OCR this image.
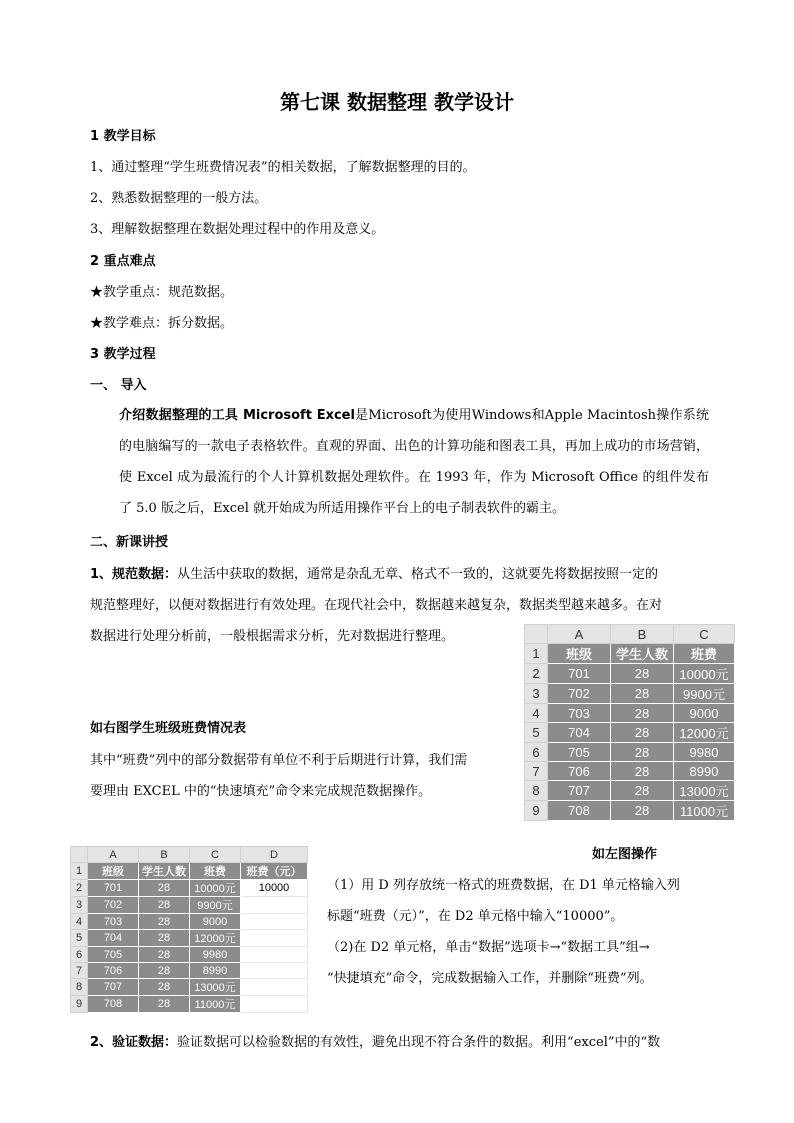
第七课 数据整理 教学设计
1 教学目标
1、通过整理“学生班费情况表”的相关数据，了解数据整理的目的。
2、熟悉数据整理的一般方法。
3、理解数据整理在数据处理过程中的作用及意义。
2 重点难点
★教学重点：规范数据。
★教学难点：拆分数据。
3 教学过程
一、 导入
介绍数据整理的工具 Microsoft Excel是Microsoft为使用Windows和Apple Macintosh操作系统的电脑编写的一款电子表格软件。直观的界面、出色的计算功能和图表工具，再加上成功的市场营销，使 Excel 成为最流行的个人计算机数据处理软件。在 1993 年，作为 Microsoft Office 的组件发布了 5.0 版之后，Excel 就开始成为所适用操作平台上的电子制表软件的霸主。
二、新课讲授
1、规范数据：从生活中获取的数据，通常是杂乱无章、格式不一致的，这就要先将数据按照一定的
规范整理好，以便对数据进行有效处理。在现代社会中，数据越来越复杂，数据类型越来越多。在对
数据进行处理分析前，一般根据需求分析，先对数据进行整理。
		A	B	C
1	班级	学生人数	班费
2	701	28	10000元
3	702	28	9900元
4	703	28	9000
5	704	28	12000元
6	705	28	9980
7	706	28	8990
8	707	28	13000元
9	708	28	11000元
如右图学生班级班费情况表
其中“班费”列中的部分数据带有单位不利于后期进行计算，我们需
要理由 EXCEL 中的“快速填充”命令来完成规范数据操作。
	A	B	C	D
1	班级	学生人数	班费	班费（元）
2	701	28	10000元	10000
3	702	28	9900元	
4	703	28	9000	
5	704	28	12000元	
6	705	28	9980	
7	706	28	8990	
8	707	28	13000元	
9	708	28	11000元	
如左图操作
（1）用 D 列存放统一格式的班费数据，在 D1 单元格输入列
标题“班费（元）”，在 D2 单元格中输入“10000”。
（2)在 D2 单元格，单击“数据”选项卡→“数据工具”组→
“快捷填充”命令，完成数据输入工作，并删除“班费”列。
2、验证数据：验证数据可以检验数据的有效性，避免出现不符合条件的数据。利用“excel”中的“数
